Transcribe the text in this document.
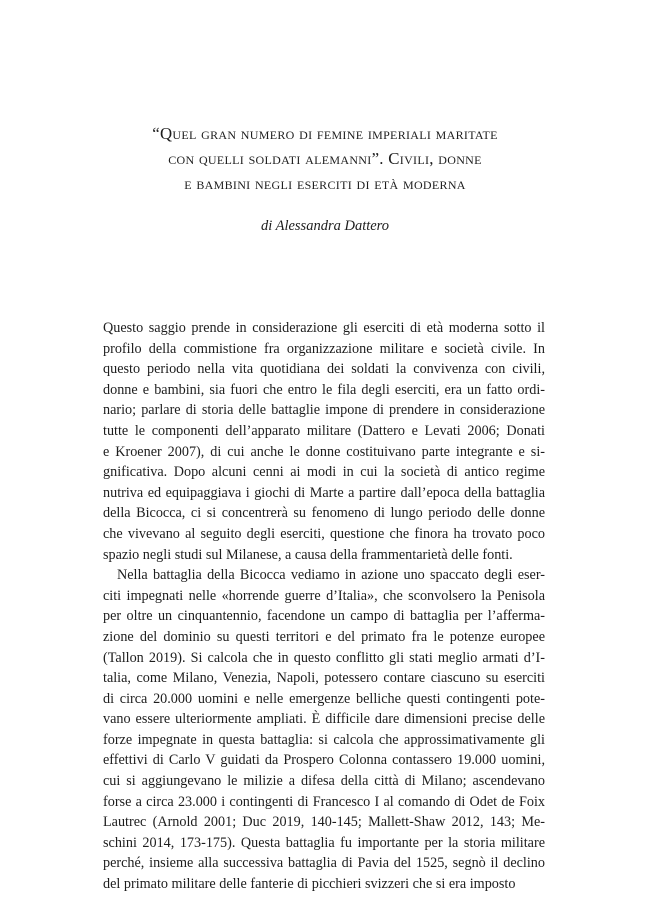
“Quel gran numero di femine imperiali maritate
con quelli soldati alemanni”. Civili, donne
e bambini negli eserciti di età moderna
di Alessandra Dattero
Questo saggio prende in considerazione gli eserciti di età moderna sotto il
profilo della commistione fra organizzazione militare e società civile. In
questo periodo nella vita quotidiana dei soldati la convivenza con civili,
donne e bambini, sia fuori che entro le fila degli eserciti, era un fatto ordi-
nario; parlare di storia delle battaglie impone di prendere in considerazione
tutte le componenti dell’apparato militare (Dattero e Levati 2006; Donati
e Kroener 2007), di cui anche le donne costituivano parte integrante e si-
gnificativa. Dopo alcuni cenni ai modi in cui la società di antico regime
nutriva ed equipaggiava i giochi di Marte a partire dall’epoca della battaglia
della Bicocca, ci si concentrerà su fenomeno di lungo periodo delle donne
che vivevano al seguito degli eserciti, questione che finora ha trovato poco
spazio negli studi sul Milanese, a causa della frammentarietà delle fonti.
Nella battaglia della Bicocca vediamo in azione uno spaccato degli eser-
citi impegnati nelle «horrende guerre d’Italia», che sconvolsero la Penisola
per oltre un cinquantennio, facendone un campo di battaglia per l’afferma-
zione del dominio su questi territori e del primato fra le potenze europee
(Tallon 2019). Si calcola che in questo conflitto gli stati meglio armati d’I-
talia, come Milano, Venezia, Napoli, potessero contare ciascuno su eserciti
di circa 20.000 uomini e nelle emergenze belliche questi contingenti pote-
vano essere ulteriormente ampliati. È difficile dare dimensioni precise delle
forze impegnate in questa battaglia: si calcola che approssimativamente gli
effettivi di Carlo V guidati da Prospero Colonna contassero 19.000 uomini,
cui si aggiungevano le milizie a difesa della città di Milano; ascendevano
forse a circa 23.000 i contingenti di Francesco I al comando di Odet de Foix
Lautrec (Arnold 2001; Duc 2019, 140-145; Mallett-Shaw 2012, 143; Me-
schini 2014, 173-175). Questa battaglia fu importante per la storia militare
perché, insieme alla successiva battaglia di Pavia del 1525, segnò il declino
del primato militare delle fanterie di picchieri svizzeri che si era imposto
